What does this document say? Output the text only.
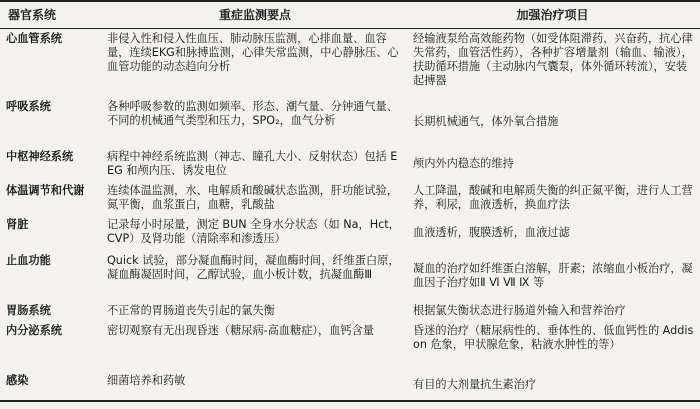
器官系统	重症监测要点	加强治疗项目
心血管系统	非侵入性和侵入性血压、肺动脉压监测，心排血量、血容量，连续EKG和脉搏监测，心律失常监测，中心静脉压、心血管功能的动态趋向分析	经输液泵给高效能药物（如受体阻滞药，兴奋药，抗心律失常药，血管活性药），各种扩容增量剂（输血、输液），扶助循环措施（主动脉内气囊泵，体外循环转流），安装起搏器
呼吸系统	各种呼吸参数的监测如频率、形态、潮气量、分钟通气量、不同的机械通气类型和压力，SPO₂，血气分析	长期机械通气，体外氧合措施
中枢神经系统	病程中神经系统监测（神志、瞳孔大小、反射状态）包括 EEG 和颅内压、诱发电位	颅内外内稳态的维持
体温调节和代谢	连续体温监测，水、电解质和酸碱状态监测，肝功能试验，氮平衡，血浆蛋白，血糖，乳酸盐	人工降温，酸碱和电解质失衡的纠正氮平衡，进行人工营养，利尿，血液透析，换血疗法
肾脏	记录每小时尿量，测定 BUN 全身水分状态（如 Na，Hct，CVP）及肾功能（清除率和渗透压）	血液透析，腹膜透析，血液过滤
止血功能	Quick 试验，部分凝血酶时间，凝血酶时间，纤维蛋白原，凝血酶凝固时间，乙醇试验，血小板计数，抗凝血酶Ⅲ	凝血的治疗如纤维蛋白溶解，肝素；浓缩血小板治疗，凝血因子治疗如Ⅱ Ⅵ Ⅶ Ⅸ 等
胃肠系统	不正常的胃肠道丧失引起的氯失衡	根据氯失衡状态进行肠道外输入和营养治疗
内分泌系统	密切观察有无出现昏迷（糖尿病-高血糖症），血钙含量	昏迷的治疗（糖尿病性的、垂体性的、低血钙性的 Addison 危象，甲状腺危象，粘液水肿性的等）
感染	细菌培养和药敏	有目的大剂量抗生素治疗
